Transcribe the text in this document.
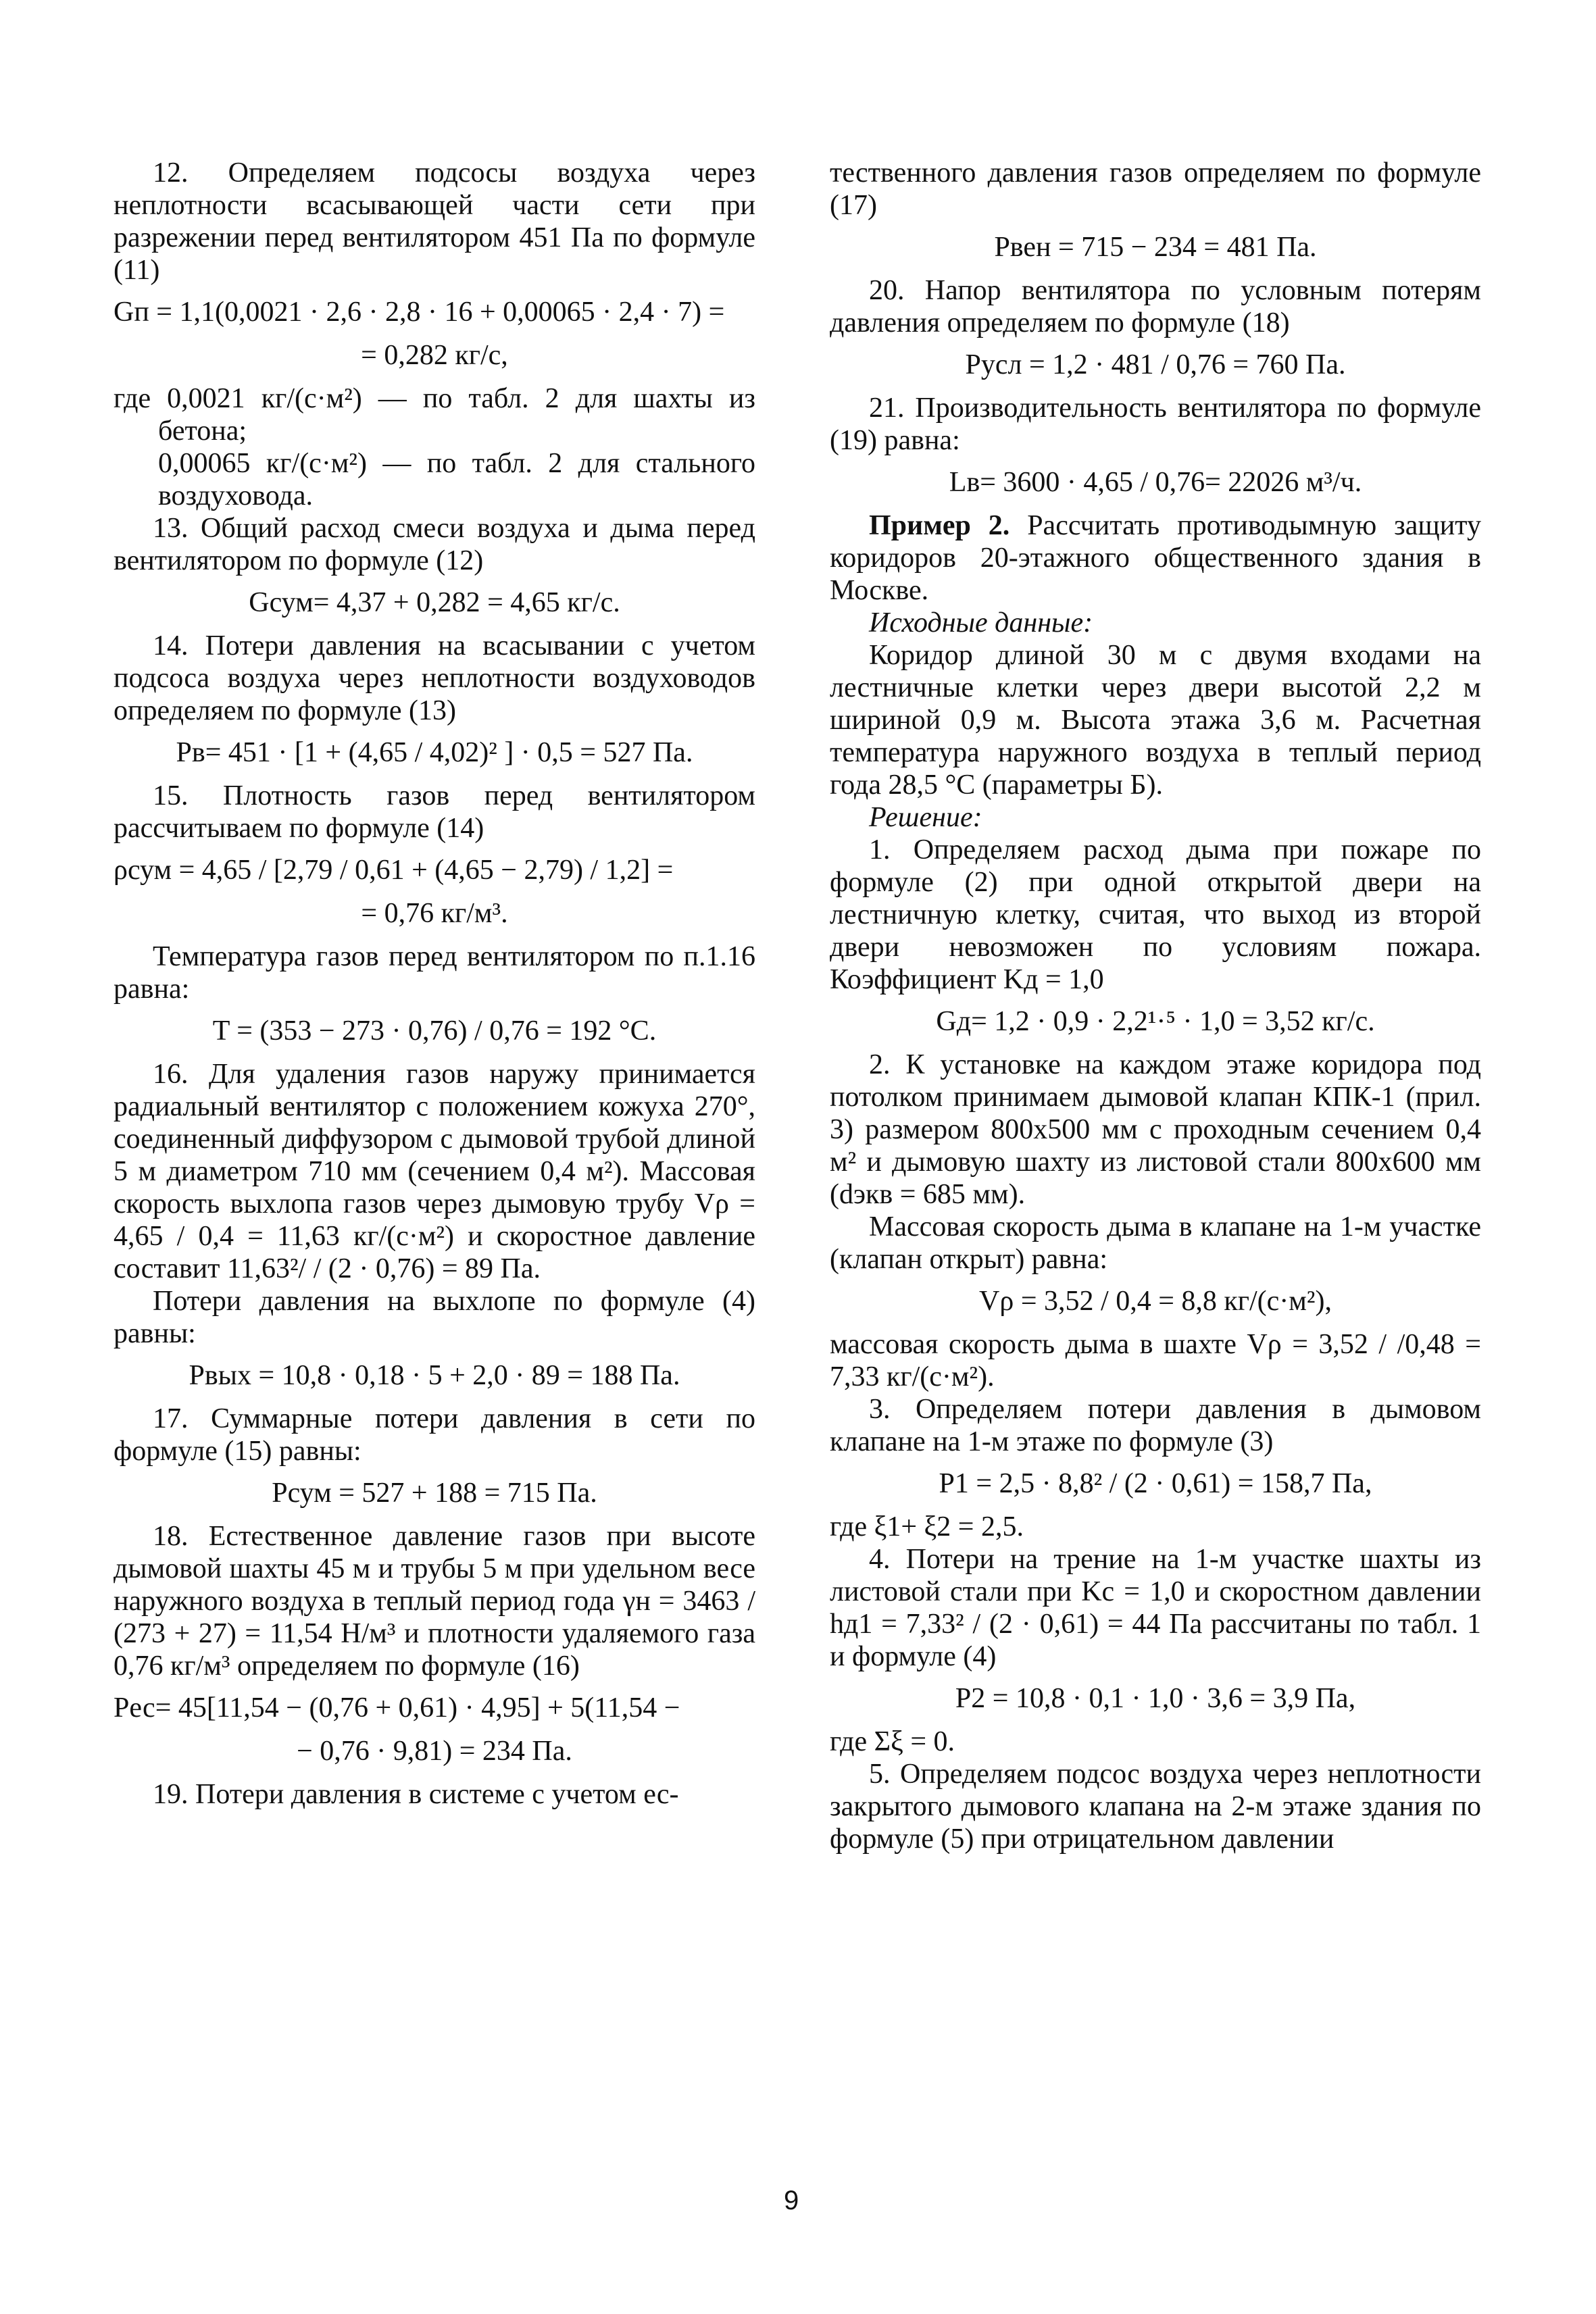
12. Определяем подсосы воздуха через неплотности всасывающей части сети при разрежении перед вентилятором 451 Па по формуле (11)

Gп = 1,1(0,0021 · 2,6 · 2,8 · 16 + 0,00065 · 2,4 · 7) =
= 0,282 кг/с,

где 0,0021 кг/(с·м²) — по табл. 2 для шахты из бетона;

0,00065 кг/(с·м²) — по табл. 2 для стального воздуховода.

13. Общий расход смеси воздуха и дыма перед вентилятором по формуле (12)

Gсум= 4,37 + 0,282 = 4,65 кг/с.

14. Потери давления на всасывании с учетом подсоса воздуха через неплотности воздуховодов определяем по формуле (13)

Pв= 451 · [1 + (4,65 / 4,02)² ] · 0,5 = 527 Па.

15. Плотность газов перед вентилятором рассчитываем по формуле (14)

ρсум = 4,65 / [2,79 / 0,61 + (4,65 − 2,79) / 1,2] =
= 0,76 кг/м³.

Температура газов перед вентилятором по п.1.16 равна:

T = (353 − 273 · 0,76) / 0,76 = 192 °C.

16. Для удаления газов наружу принимается радиальный вентилятор с положением кожуха 270°, соединенный диффузором с дымовой трубой длиной 5 м диаметром 710 мм (сечением 0,4 м²). Массовая скорость выхлопа газов через дымовую трубу Vρ = 4,65 / 0,4 = 11,63 кг/(с·м²) и скоростное давление составит 11,63²/ / (2 · 0,76) = 89 Па.

Потери давления на выхлопе по формуле (4) равны:

Pвых = 10,8 · 0,18 · 5 + 2,0 · 89 = 188 Па.

17. Суммарные потери давления в сети по формуле (15) равны:

Pсум = 527 + 188 = 715 Па.

18. Естественное давление газов при высоте дымовой шахты 45 м и трубы 5 м при удельном весе наружного воздуха в теплый период года γн = 3463 / (273 + 27) = 11,54 Н/м³ и плотности удаляемого газа 0,76 кг/м³ определяем по формуле (16)

Pес= 45[11,54 − (0,76 + 0,61) · 4,95] + 5(11,54 −
− 0,76 · 9,81) = 234 Па.

19. Потери давления в системе с учетом ес-

тественного давления газов определяем по формуле (17)

Pвен = 715 − 234 = 481 Па.

20. Напор вентилятора по условным потерям давления определяем по формуле (18)

Pусл = 1,2 · 481 / 0,76 = 760 Па.

21. Производительность вентилятора по формуле (19) равна:

Lв= 3600 · 4,65 / 0,76= 22026 м³/ч.

Пример 2. Рассчитать противодымную защиту коридоров 20-этажного общественного здания в Москве.

Исходные данные:

Коридор длиной 30 м с двумя входами на лестничные клетки через двери высотой 2,2 м шириной 0,9 м. Высота этажа 3,6 м. Расчетная температура наружного воздуха в теплый период года 28,5 °С (параметры Б).

Решение:

1. Определяем расход дыма при пожаре по формуле (2) при одной открытой двери на лестничную клетку, считая, что выход из второй двери невозможен по условиям пожара. Коэффициент Kд = 1,0

Gд= 1,2 · 0,9 · 2,2¹·⁵ · 1,0 = 3,52 кг/с.

2. К установке на каждом этаже коридора под потолком принимаем дымовой клапан КПК-1 (прил. 3) размером 800х500 мм с проходным сечением 0,4 м² и дымовую шахту из листовой стали 800х600 мм (dэкв = 685 мм).

Массовая скорость дыма в клапане на 1-м участке (клапан открыт) равна:

Vρ = 3,52 / 0,4 = 8,8 кг/(с·м²),

массовая скорость дыма в шахте Vρ = 3,52 / /0,48 = 7,33 кг/(с·м²).

3. Определяем потери давления в дымовом клапане на 1-м этаже по формуле (3)

P1 = 2,5 · 8,8² / (2 · 0,61) = 158,7 Па,

где ξ1+ ξ2 = 2,5.

4. Потери на трение на 1-м участке шахты из листовой стали при Kс = 1,0 и скоростном давлении hд1 = 7,33² / (2 · 0,61) = 44 Па рассчитаны по табл. 1 и формуле (4)

P2 = 10,8 · 0,1 · 1,0 · 3,6 = 3,9 Па,

где Σξ = 0.

5. Определяем подсос воздуха через неплотности закрытого дымового клапана на 2-м этаже здания по формуле (5) при отрицательном давлении

9
